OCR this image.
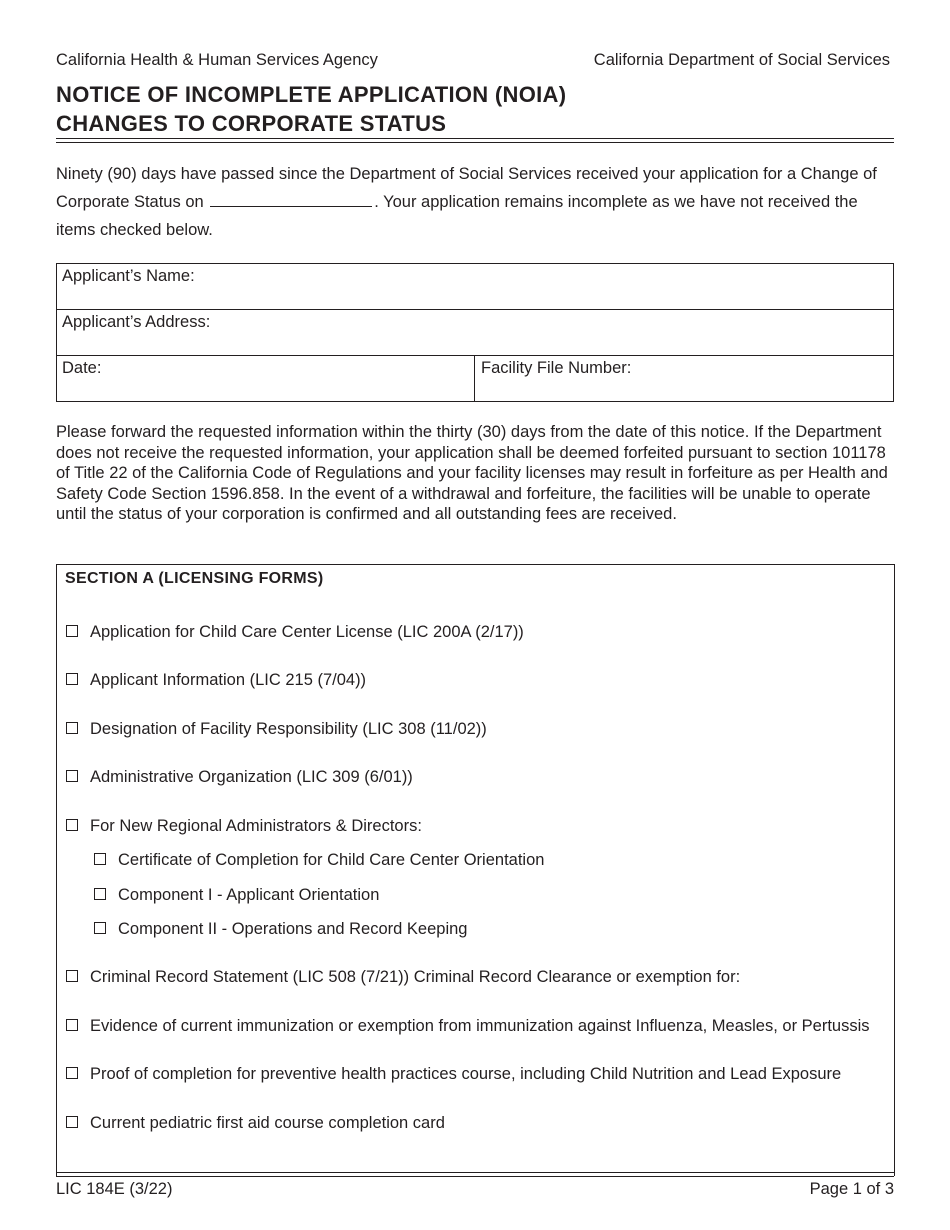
California Health & Human Services Agency	California Department of Social Services
NOTICE OF INCOMPLETE APPLICATION (NOIA)
CHANGES TO CORPORATE STATUS
Ninety (90) days have passed since the Department of Social Services received your application for a Change of Corporate Status on	. Your application remains incomplete as we have not received the items checked below.
Applicant’s Name:
Applicant’s Address:
Date:	Facility File Number:
Please forward the requested information within the thirty (30) days from the date of this notice. If the Department does not receive the requested information, your application shall be deemed forfeited pursuant to section 101178 of Title 22 of the California Code of Regulations and your facility licenses may result in forfeiture as per Health and Safety Code Section 1596.858. In the event of a withdrawal and forfeiture, the facilities will be unable to operate until the status of your corporation is confirmed and all outstanding fees are received.
SECTION A (LICENSING FORMS)
Application for Child Care Center License (LIC 200A (2/17))
Applicant Information (LIC 215 (7/04))
Designation of Facility Responsibility (LIC 308 (11/02))
Administrative Organization (LIC 309 (6/01))
For New Regional Administrators & Directors:
Certificate of Completion for Child Care Center Orientation
Component I - Applicant Orientation
Component II - Operations and Record Keeping
Criminal Record Statement (LIC 508 (7/21)) Criminal Record Clearance or exemption for:
Evidence of current immunization or exemption from immunization against Influenza, Measles, or Pertussis
Proof of completion for preventive health practices course, including Child Nutrition and Lead Exposure
Current pediatric first aid course completion card
LIC 184E (3/22)	Page 1 of 3
